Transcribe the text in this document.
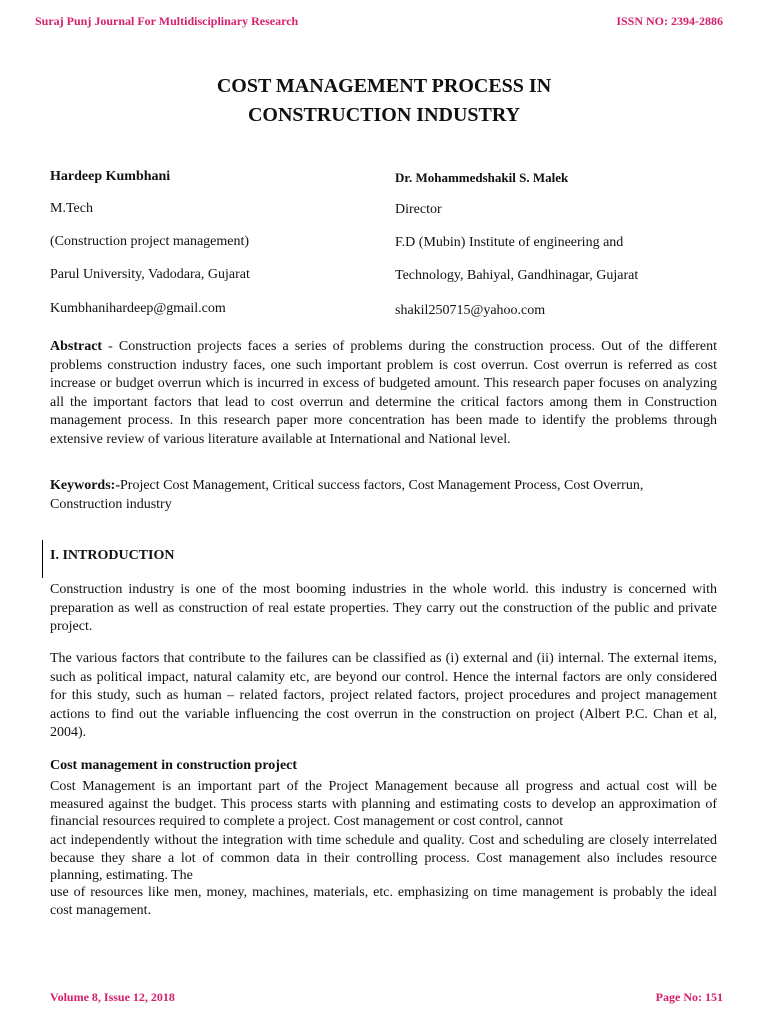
Suraj Punj Journal For Multidisciplinary Research	ISSN NO: 2394-2886
COST MANAGEMENT PROCESS IN
CONSTRUCTION INDUSTRY
Hardeep Kumbhani
M.Tech
(Construction project management)
Parul University, Vadodara, Gujarat
Kumbhanihardeep@gmail.com
Dr. Mohammedshakil S. Malek
Director
F.D (Mubin) Institute of engineering and
Technology, Bahiyal, Gandhinagar, Gujarat
shakil250715@yahoo.com
Abstract - Construction projects faces a series of problems during the construction process. Out of the different problems construction industry faces, one such important problem is cost overrun. Cost overrun is referred as cost increase or budget overrun which is incurred in excess of budgeted amount. This research paper focuses on analyzing all the important factors that lead to cost overrun and determine the critical factors among them in Construction management process. In this research paper more concentration has been made to identify the problems through extensive review of various literature available at International and National level.
Keywords:-Project Cost Management, Critical success factors, Cost Management Process, Cost Overrun, Construction industry
I. INTRODUCTION
Construction industry is one of the most booming industries in the whole world. this industry is concerned with preparation as well as construction of real estate properties. They carry out the construction of the public and private project.
The various factors that contribute to the failures can be classified as (i) external and (ii) internal. The external items, such as political impact, natural calamity etc, are beyond our control. Hence the internal factors are only considered for this study, such as human – related factors, project related factors, project procedures and project management actions to find out the variable influencing the cost overrun in the construction on project (Albert P.C. Chan et al, 2004).
Cost management in construction project
Cost Management is an important part of the Project Management because all progress and actual cost will be measured against the budget. This process starts with planning and estimating costs to develop an approximation of financial resources required to complete a project. Cost management or cost control, cannot
act independently without the integration with time schedule and quality. Cost and scheduling are closely interrelated because they share a lot of common data in their controlling process. Cost management also includes resource planning, estimating. The
use of resources like men, money, machines, materials, etc. emphasizing on time management is probably the ideal cost management.
Volume 8, Issue 12, 2018	Page No: 151
